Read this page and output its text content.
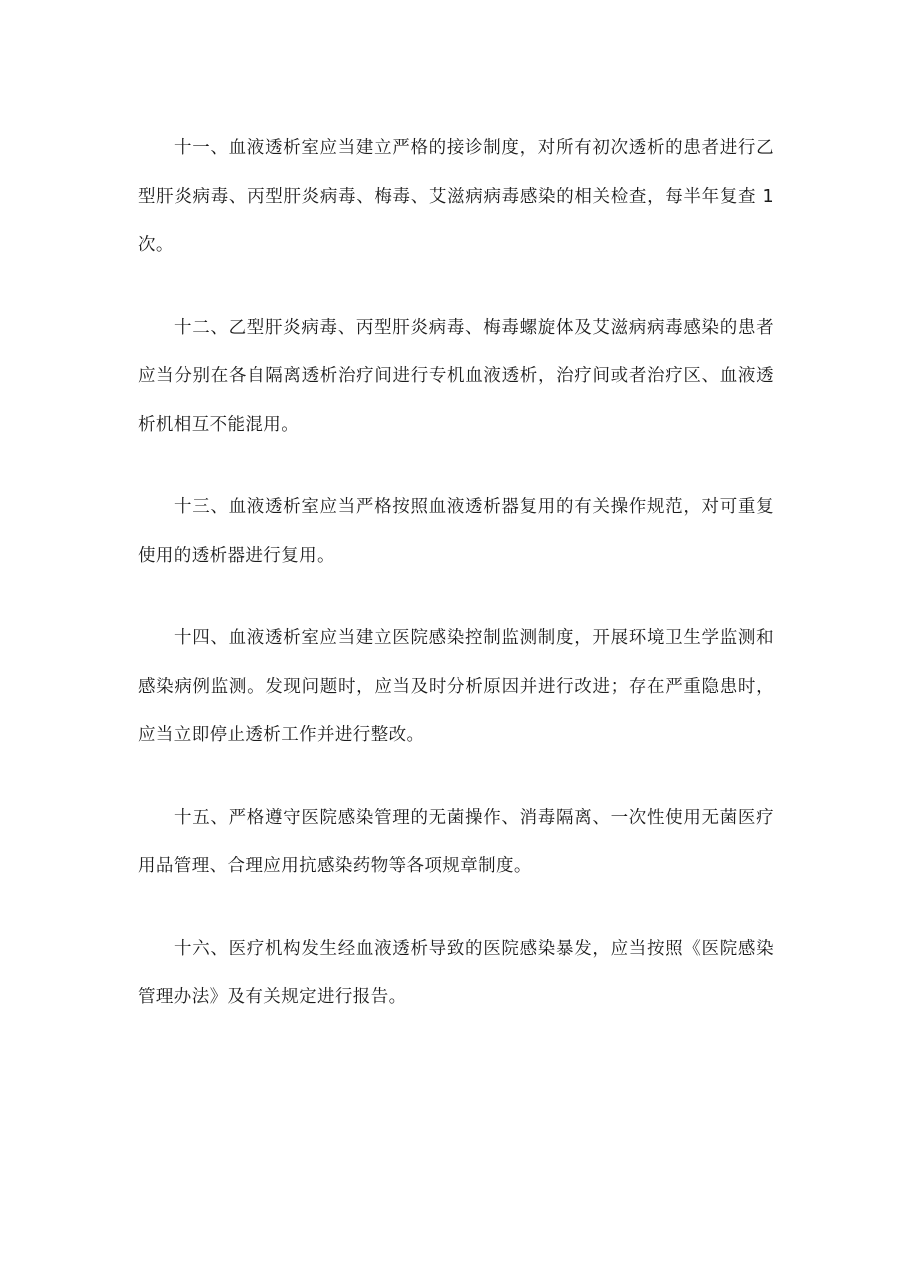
十一、血液透析室应当建立严格的接诊制度，对所有初次透析的患者进行乙型肝炎病毒、丙型肝炎病毒、梅毒、艾滋病病毒感染的相关检查，每半年复查 1 次。

十二、乙型肝炎病毒、丙型肝炎病毒、梅毒螺旋体及艾滋病病毒感染的患者应当分别在各自隔离透析治疗间进行专机血液透析，治疗间或者治疗区、血液透析机相互不能混用。

十三、血液透析室应当严格按照血液透析器复用的有关操作规范，对可重复使用的透析器进行复用。

十四、血液透析室应当建立医院感染控制监测制度，开展环境卫生学监测和感染病例监测。发现问题时，应当及时分析原因并进行改进；存在严重隐患时，应当立即停止透析工作并进行整改。

十五、严格遵守医院感染管理的无菌操作、消毒隔离、一次性使用无菌医疗用品管理、合理应用抗感染药物等各项规章制度。

十六、医疗机构发生经血液透析导致的医院感染暴发，应当按照《医院感染管理办法》及有关规定进行报告。
